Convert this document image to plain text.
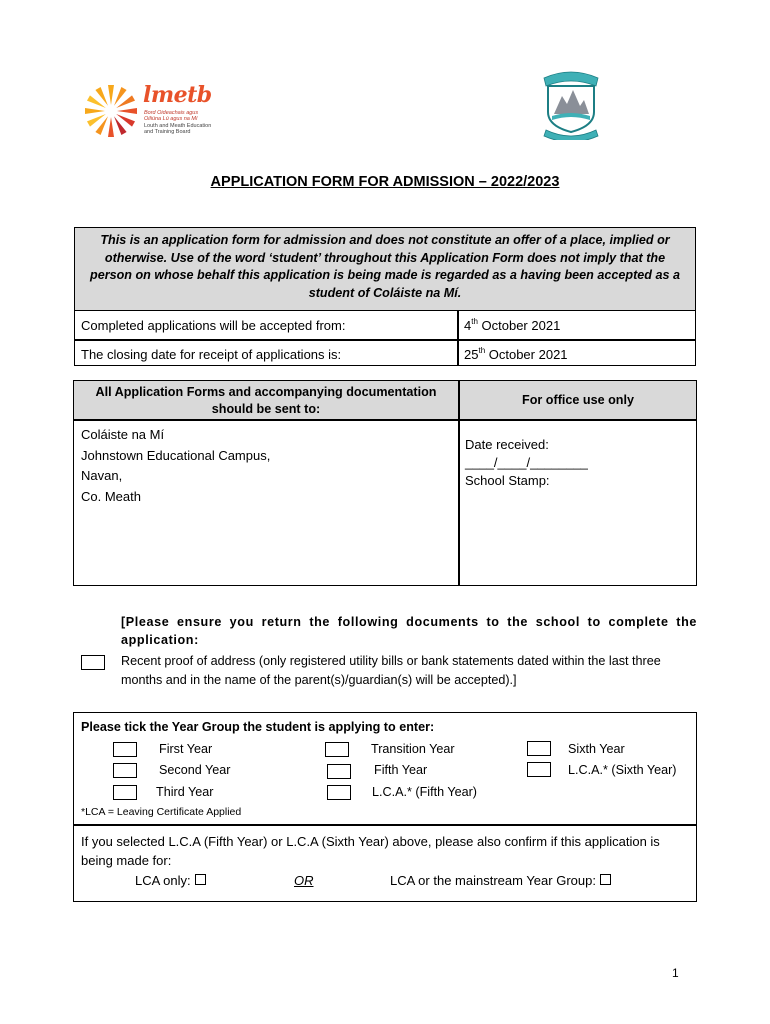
lmetb
Bord Oideachais agus
Oiliúna Lú agus na Mí
Louth and Meath Education
and Training Board
APPLICATION FORM FOR ADMISSION – 2022/2023
This is an application form for admission and does not constitute an offer of a place, implied or otherwise. Use of the word ‘student’ throughout this Application Form does not imply that the person on whose behalf this application is being made is regarded as a having been accepted as a student of Coláiste na Mí.
Completed applications will be accepted from:	4th October 2021
The closing date for receipt of applications is:	25th October 2021
All Application Forms and accompanying documentation should be sent to:
For office use only
Coláiste na Mí
Johnstown Educational Campus,
Navan,
Co. Meath
Date received:
____/____/________
School Stamp:
[Please ensure you return the following documents to the school to complete the application:
Recent proof of address (only registered utility bills or bank statements dated within the last three months and in the name of the parent(s)/guardian(s) will be accepted).]
Please tick the Year Group the student is applying to enter:
First Year
Second Year
Third Year
Transition Year
Fifth Year
L.C.A.* (Fifth Year)
Sixth Year
L.C.A.* (Sixth Year)
*LCA = Leaving Certificate Applied
If you selected L.C.A (Fifth Year) or L.C.A (Sixth Year) above, please also confirm if this application is being made for:
LCA only:	OR	LCA or the mainstream Year Group:
1
